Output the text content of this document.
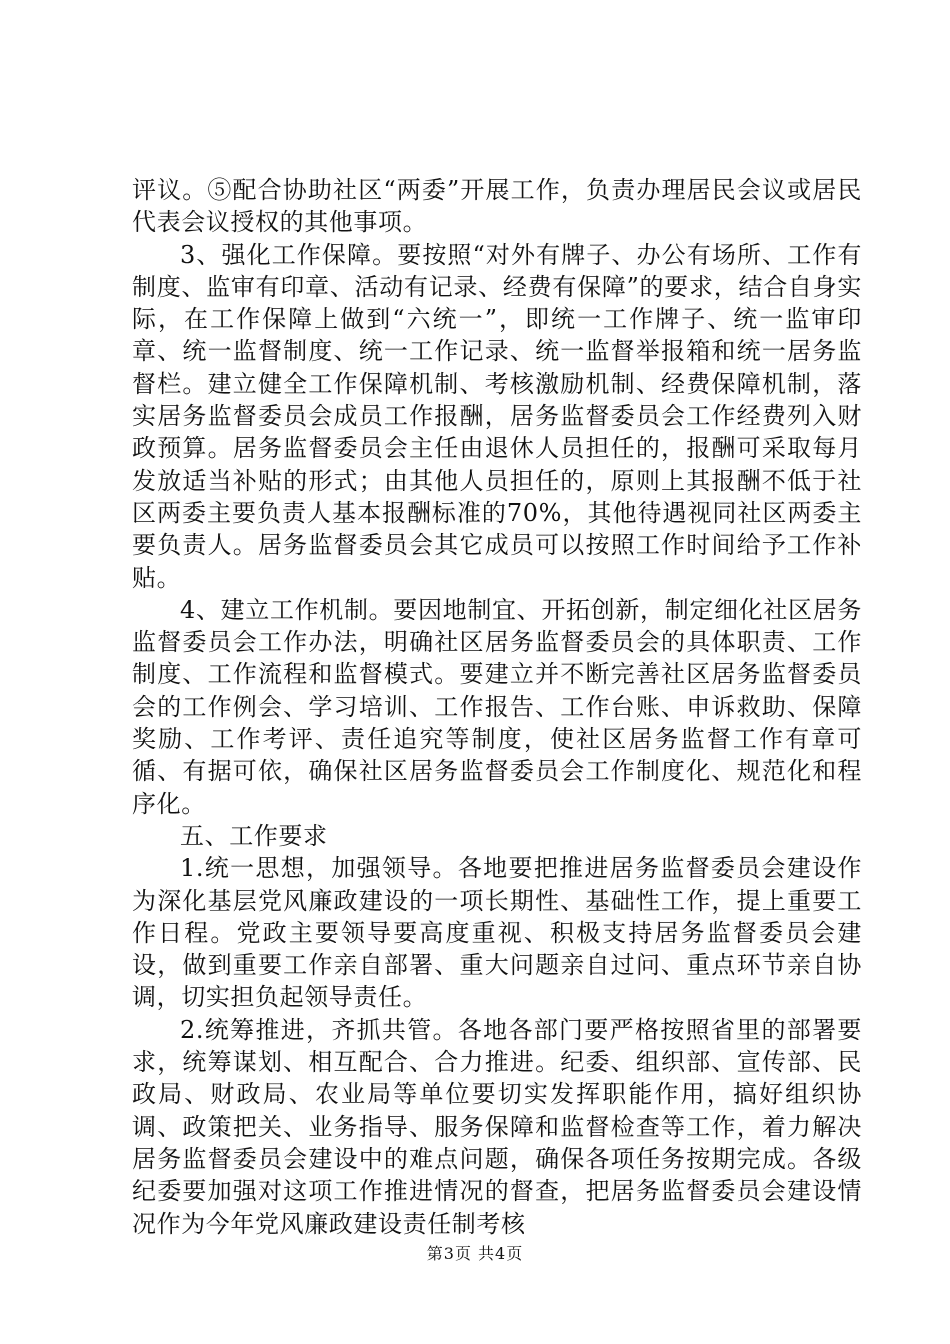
评议。⑤配合协助社区“两委”开展工作，负责办理居民会议或居民代表会议授权的其他事项。

3、强化工作保障。要按照“对外有牌子、办公有场所、工作有制度、监审有印章、活动有记录、经费有保障”的要求，结合自身实际，在工作保障上做到“六统一”，即统一工作牌子、统一监审印章、统一监督制度、统一工作记录、统一监督举报箱和统一居务监督栏。建立健全工作保障机制、考核激励机制、经费保障机制，落实居务监督委员会成员工作报酬，居务监督委员会工作经费列入财政预算。居务监督委员会主任由退休人员担任的，报酬可采取每月发放适当补贴的形式；由其他人员担任的，原则上其报酬不低于社区两委主要负责人基本报酬标准的70%，其他待遇视同社区两委主要负责人。居务监督委员会其它成员可以按照工作时间给予工作补贴。

4、建立工作机制。要因地制宜、开拓创新，制定细化社区居务监督委员会工作办法，明确社区居务监督委员会的具体职责、工作制度、工作流程和监督模式。要建立并不断完善社区居务监督委员会的工作例会、学习培训、工作报告、工作台账、申诉救助、保障奖励、工作考评、责任追究等制度，使社区居务监督工作有章可循、有据可依，确保社区居务监督委员会工作制度化、规范化和程序化。

五、工作要求

1.统一思想，加强领导。各地要把推进居务监督委员会建设作为深化基层党风廉政建设的一项长期性、基础性工作，提上重要工作日程。党政主要领导要高度重视、积极支持居务监督委员会建设，做到重要工作亲自部署、重大问题亲自过问、重点环节亲自协调，切实担负起领导责任。

2.统筹推进，齐抓共管。各地各部门要严格按照省里的部署要求，统筹谋划、相互配合、合力推进。纪委、组织部、宣传部、民政局、财政局、农业局等单位要切实发挥职能作用，搞好组织协调、政策把关、业务指导、服务保障和监督检查等工作，着力解决居务监督委员会建设中的难点问题，确保各项任务按期完成。各级纪委要加强对这项工作推进情况的督查，把居务监督委员会建设情况作为今年党风廉政建设责任制考核

第3页 共4页
